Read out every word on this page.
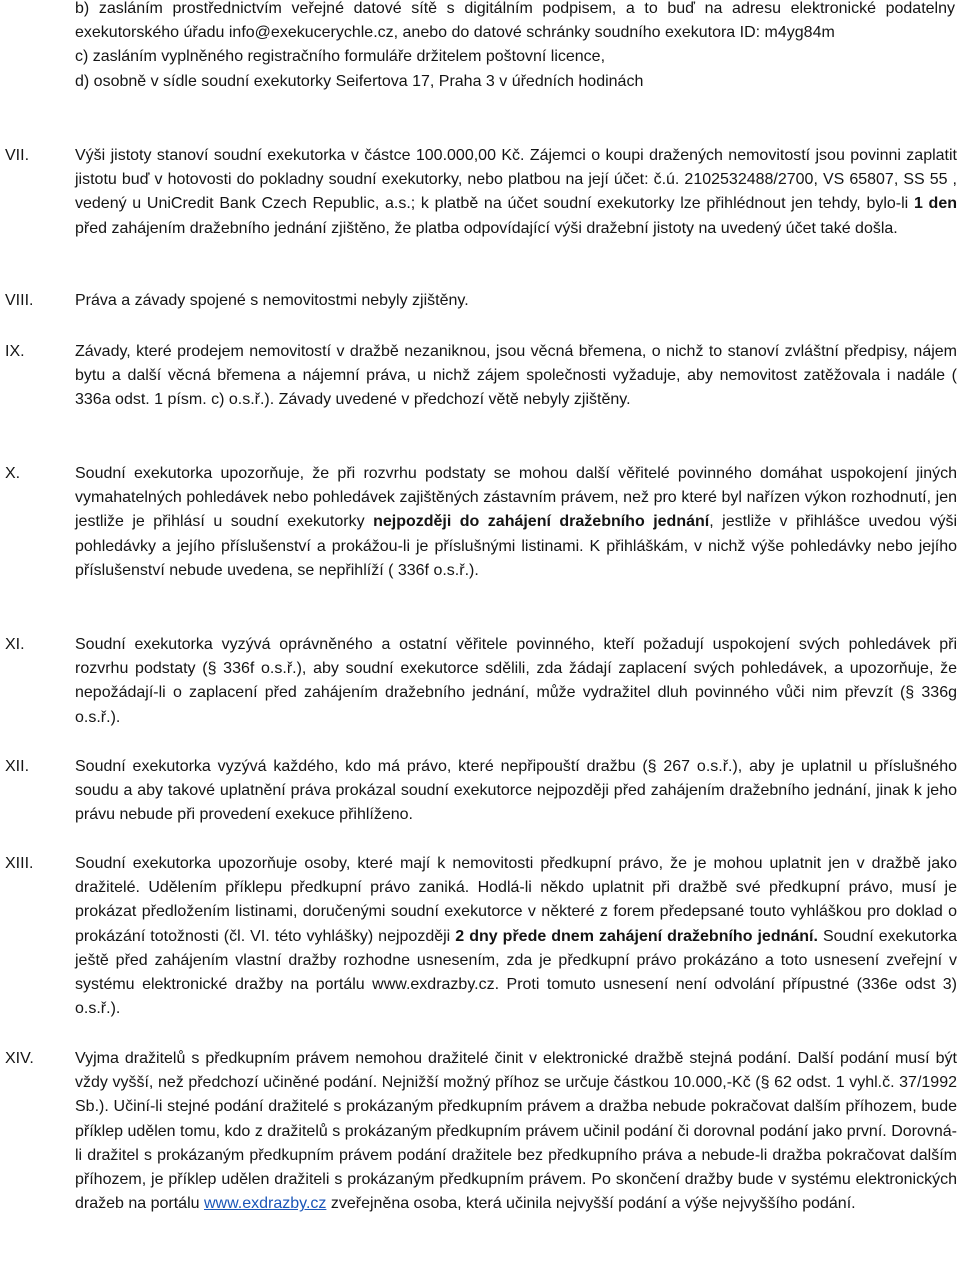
b) zasláním prostřednictvím veřejné datové sítě s digitálním podpisem, a to buď na adresu elektronické podatelny exekutorského úřadu info@exekucerychle.cz, anebo do datové schránky soudního exekutora ID: m4yg84m

c) zasláním vyplněného registračního formuláře držitelem poštovní licence,

d) osobně v sídle soudní exekutorky Seifertova 17, Praha 3 v úředních hodinách

VII.	Výši jistoty stanoví soudní exekutorka v částce 100.000,00 Kč. Zájemci o koupi dražených nemovitostí jsou povinni zaplatit jistotu buď v hotovosti do pokladny soudní exekutorky, nebo platbou na její účet: č.ú. 2102532488/2700, VS 65807, SS 55 , vedený u UniCredit Bank Czech Republic, a.s.; k platbě na účet soudní exekutorky lze přihlédnout jen tehdy, bylo-li 1 den před zahájením dražebního jednání zjištěno, že platba odpovídající výši dražební jistoty na uvedený účet také došla.

VIII.	Práva a závady spojené s nemovitostmi nebyly zjištěny.

IX.	Závady, které prodejem nemovitostí v dražbě nezaniknou, jsou věcná břemena, o nichž to stanoví zvláštní předpisy, nájem bytu a další věcná břemena a nájemní práva, u nichž zájem společnosti vyžaduje, aby nemovitost zatěžovala i nadále ( 336a odst. 1 písm. c) o.s.ř.). Závady uvedené v předchozí větě nebyly zjištěny.

X.	Soudní exekutorka upozorňuje, že při rozvrhu podstaty se mohou další věřitelé povinného domáhat uspokojení jiných vymahatelných pohledávek nebo pohledávek zajištěných zástavním právem, než pro které byl nařízen výkon rozhodnutí, jen jestliže je přihlásí u soudní exekutorky nejpozději do zahájení dražebního jednání, jestliže v přihlášce uvedou výši pohledávky a jejího příslušenství a prokážou-li je příslušnými listinami. K přihláškám, v nichž výše pohledávky nebo jejího příslušenství nebude uvedena, se nepřihlíží ( 336f o.s.ř.).

XI.	Soudní exekutorka vyzývá oprávněného a ostatní věřitele povinného, kteří požadují uspokojení svých pohledávek při rozvrhu podstaty (§ 336f o.s.ř.), aby soudní exekutorce sdělili, zda žádají zaplacení svých pohledávek, a upozorňuje, že nepožádají-li o zaplacení před zahájením dražebního jednání, může vydražitel dluh povinného vůči nim převzít (§ 336g o.s.ř.).

XII.	Soudní exekutorka vyzývá každého, kdo má právo, které nepřipouští dražbu (§ 267 o.s.ř.), aby je uplatnil u příslušného soudu a aby takové uplatnění práva prokázal soudní exekutorce nejpozději před zahájením dražebního jednání, jinak k jeho právu nebude při provedení exekuce přihlíženo.

XIII.	Soudní exekutorka upozorňuje osoby, které mají k nemovitosti předkupní právo, že je mohou uplatnit jen v dražbě jako dražitelé. Udělením příklepu předkupní právo zaniká. Hodlá-li někdo uplatnit při dražbě své předkupní právo, musí je prokázat předložením listinami, doručenými soudní exekutorce v některé z forem předepsané touto vyhláškou pro doklad o prokázání totožnosti (čl. VI. této vyhlášky) nejpozději 2 dny přede dnem zahájení dražebního jednání. Soudní exekutorka ještě před zahájením vlastní dražby rozhodne usnesením, zda je předkupní právo prokázáno a toto usnesení zveřejní v systému elektronické dražby na portálu www.exdrazby.cz. Proti tomuto usnesení není odvolání přípustné (336e odst 3) o.s.ř.).

XIV.	Vyjma dražitelů s předkupním právem nemohou dražitelé činit v elektronické dražbě stejná podání. Další podání musí být vždy vyšší, než předchozí učiněné podání. Nejnižší možný příhoz se určuje částkou 10.000,-Kč (§ 62 odst. 1 vyhl.č. 37/1992 Sb.). Učiní-li stejné podání dražitelé s prokázaným předkupním právem a dražba nebude pokračovat dalším příhozem, bude příklep udělen tomu, kdo z dražitelů s prokázaným předkupním právem učinil podání či dorovnal podání jako první. Dorovná-li dražitel s prokázaným předkupním právem podání dražitele bez předkupního práva a nebude-li dražba pokračovat dalším příhozem, je příklep udělen dražiteli s prokázaným předkupním právem. Po skončení dražby bude v systému elektronických dražeb na portálu www.exdrazby.cz zveřejněna osoba, která učinila nejvyšší podání a výše nejvyššího podání.
